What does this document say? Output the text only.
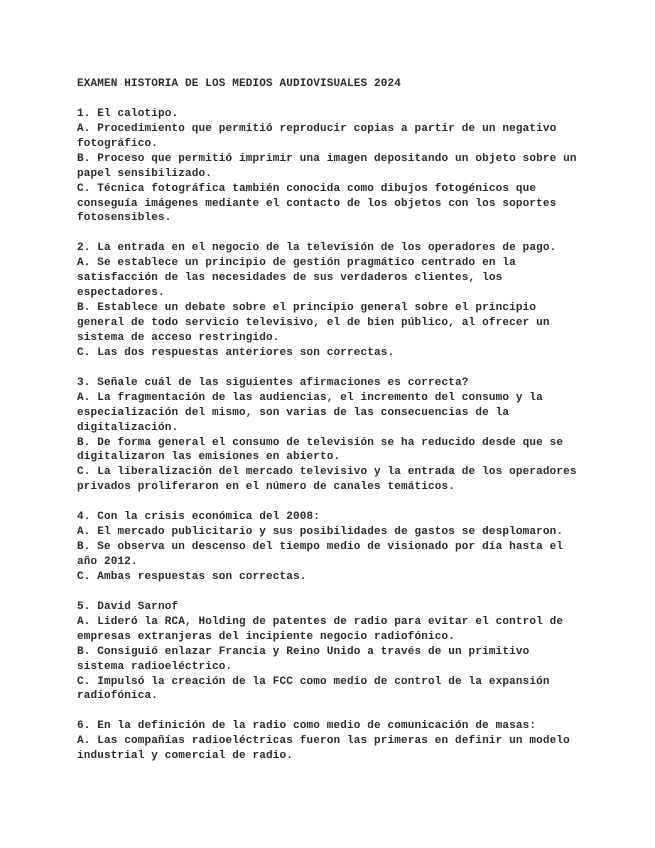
EXAMEN HISTORIA DE LOS MEDIOS AUDIOVISUALES 2024
1. El calotipo.
A. Procedimiento que permitió reproducir copias a partir de un negativo
fotográfico.
B. Proceso que permitió imprimir una imagen depositando un objeto sobre un
papel sensibilizado.
C. Técnica fotográfica también conocida como dibujos fotogénicos que
conseguía imágenes mediante el contacto de los objetos con los soportes
fotosensibles.
2. La entrada en el negocio de la televisión de los operadores de pago.
A. Se establece un principio de gestión pragmático centrado en la
satisfacción de las necesidades de sus verdaderos clientes, los
espectadores.
B. Establece un debate sobre el principio general sobre el principio
general de todo servicio televisivo, el de bien público, al ofrecer un
sistema de acceso restringido.
C. Las dos respuestas anteriores son correctas.
3. Señale cuál de las siguientes afirmaciones es correcta?
A. La fragmentación de las audiencias, el incremento del consumo y la
especialización del mismo, son varias de las consecuencias de la
digitalización.
B. De forma general el consumo de televisión se ha reducido desde que se
digitalizaron las emisiones en abierto.
C. La liberalización del mercado televisivo y la entrada de los operadores
privados proliferaron en el número de canales temáticos.
4. Con la crisis económica del 2008:
A. El mercado publicitario y sus posibilidades de gastos se desplomaron.
B. Se observa un descenso del tiempo medio de visionado por día hasta el
año 2012.
C. Ambas respuestas son correctas.
5. David Sarnof
A. Lideró la RCA, Holding de patentes de radio para evitar el control de
empresas extranjeras del incipiente negocio radiofónico.
B. Consiguió enlazar Francia y Reino Unido a través de un primitivo
sistema radioeléctrico.
C. Impulsó la creación de la FCC como medio de control de la expansión
radiofónica.
6. En la definición de la radio como medio de comunicación de masas:
A. Las compañías radioeléctricas fueron las primeras en definir un modelo
industrial y comercial de radio.
